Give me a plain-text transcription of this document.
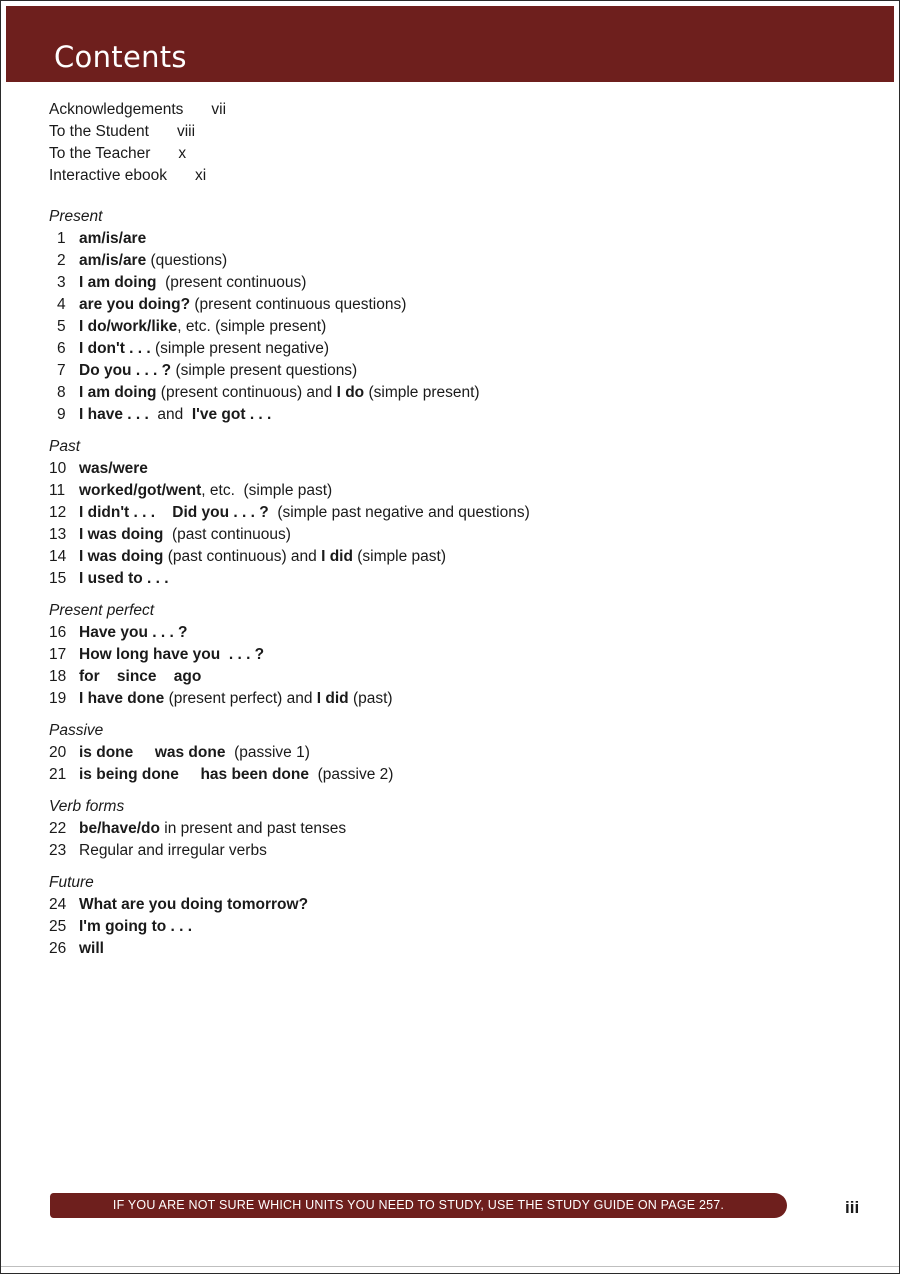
Contents
Acknowledgements vii
To the Student viii
To the Teacher x
Interactive ebook xi
Present
1 am/is/are
2 am/is/are (questions)
3 I am doing  (present continuous)
4 are you doing? (present continuous questions)
5 I do/work/like, etc. (simple present)
6 I don't . . . (simple present negative)
7 Do you . . . ? (simple present questions)
8 I am doing (present continuous) and I do (simple present)
9 I have . . .  and  I've got . . .
Past
10 was/were
11 worked/got/went, etc.  (simple past)
12 I didn't . . . Did you . . . ?  (simple past negative and questions)
13 I was doing  (past continuous)
14 I was doing (past continuous) and I did (simple past)
15 I used to . . .
Present perfect
16 Have you . . . ?
17 How long have you  . . . ?
18 for    since    ago
19 I have done (present perfect) and I did (past)
Passive
20 is done was done  (passive 1)
21 is being done has been done  (passive 2)
Verb forms
22 be/have/do in present and past tenses
23 Regular and irregular verbs
Future
24 What are you doing tomorrow?
25 I'm going to . . .
26 will
IF YOU ARE NOT SURE WHICH UNITS YOU NEED TO STUDY, USE THE STUDY GUIDE ON PAGE 257.	iii
